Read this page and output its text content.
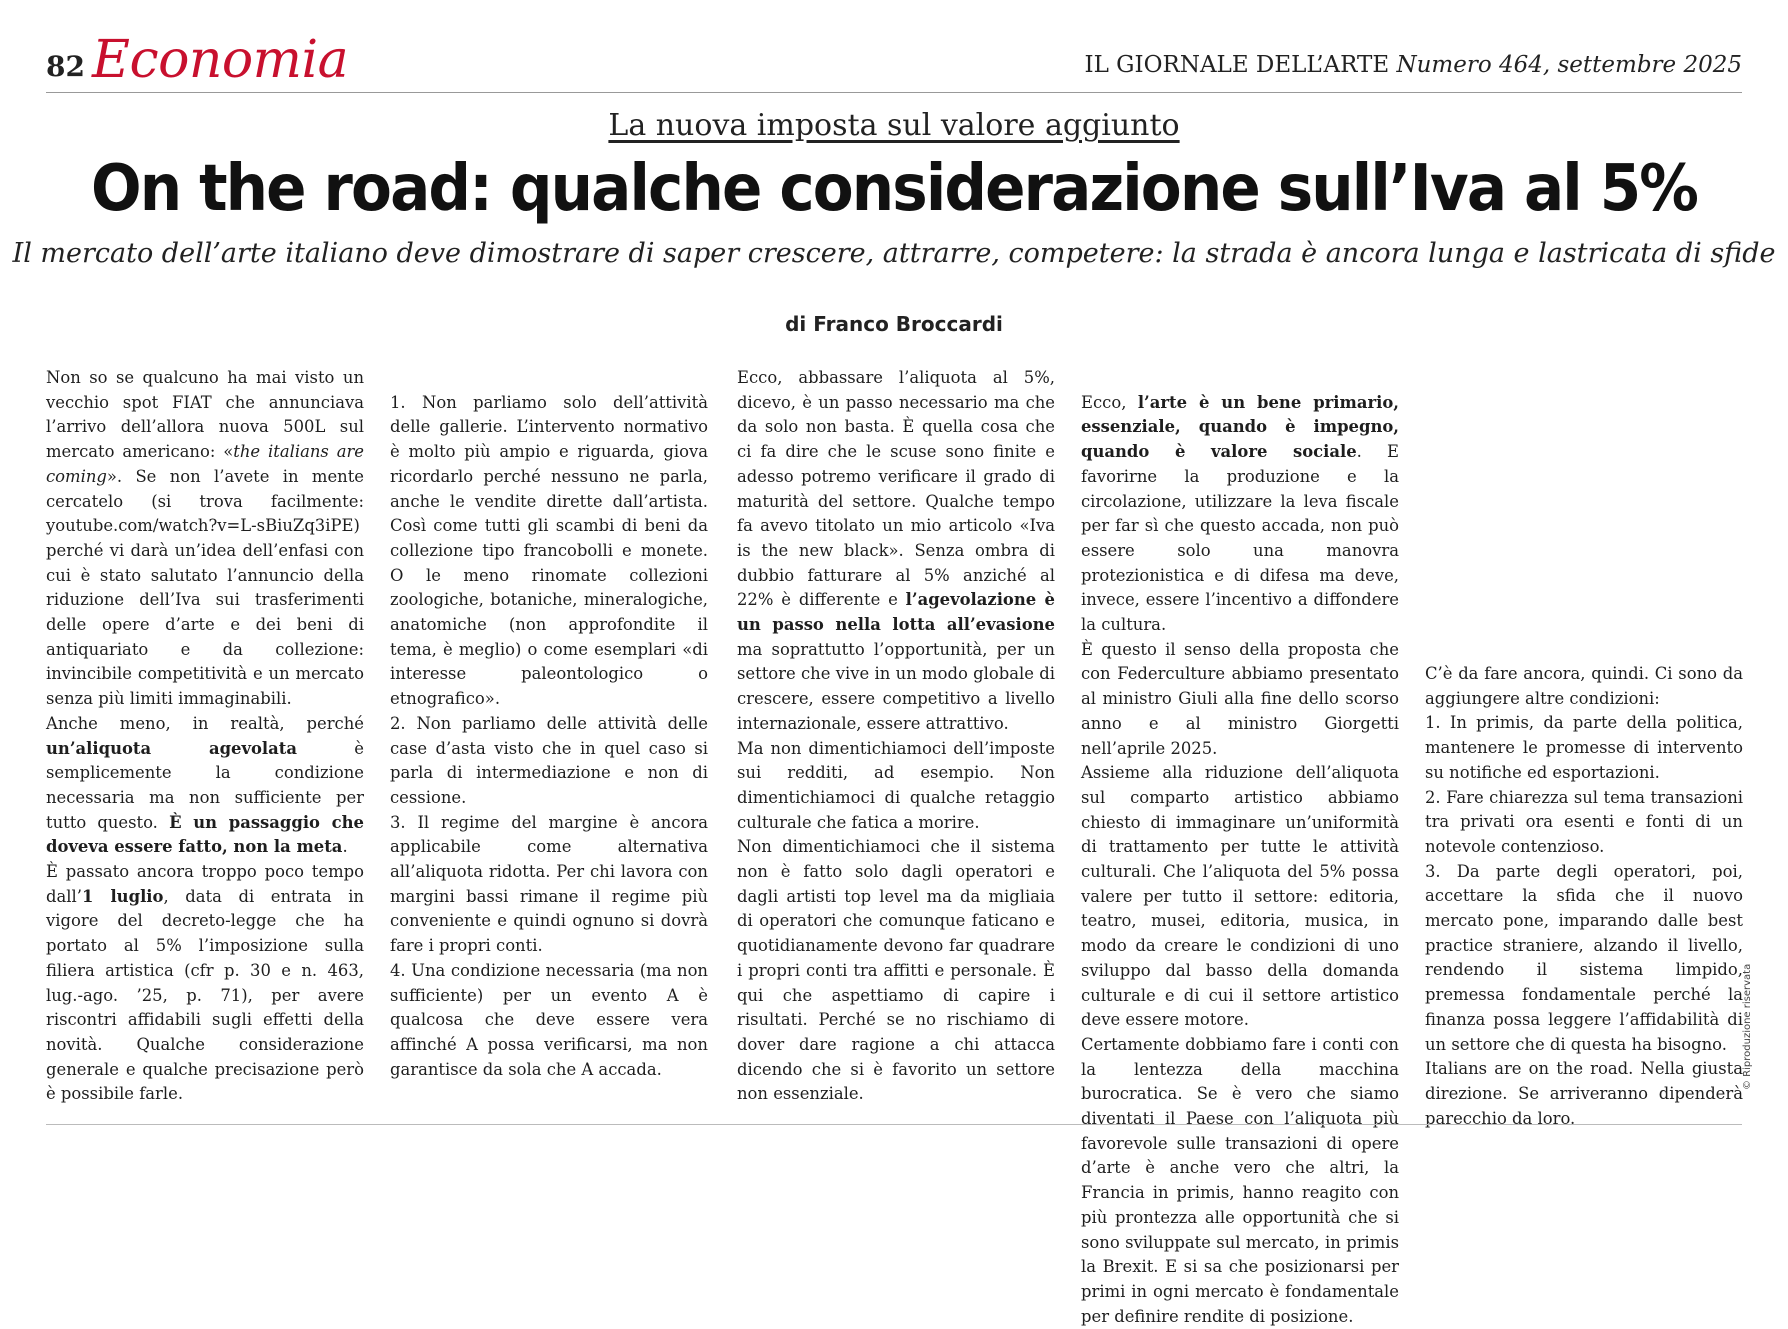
82 Economia	IL GIORNALE DELL’ARTE Numero 464, settembre 2025
La nuova imposta sul valore aggiunto
On the road: qualche considerazione sull’Iva al 5%
Il mercato dell’arte italiano deve dimostrare di saper crescere, attrarre, competere: la strada è ancora lunga e lastricata di sfide
di Franco Broccardi

Non so se qualcuno ha mai visto un vecchio spot FIAT che annunciava l’arrivo dell’allora nuova 500L sul mercato americano: «the italians are coming». Se non l’avete in mente cercatelo (si trova facilmente: youtube.com/watch?v=L-sBiuZq3iPE) perché vi darà un’idea dell’enfasi con cui è stato salutato l’annuncio della riduzione dell’Iva sui trasferimenti delle opere d’arte e dei beni di antiquariato e da collezione: invincibile competitività e un mercato senza più limiti immaginabili.

Anche meno, in realtà, perché un’aliquota agevolata è semplicemente la condizione necessaria ma non sufficiente per tutto questo. È un passaggio che doveva essere fatto, non la meta.

È passato ancora troppo poco tempo dall’1 luglio, data di entrata in vigore del decreto-legge che ha portato al 5% l’imposizione sulla filiera artistica (cfr p. 30 e n. 463, lug.-ago. ’25, p. 71), per avere riscontri affidabili sugli effetti della novità. Qualche considerazione generale e qualche precisazione però è possibile farle.

1. Non parliamo solo dell’attività delle gallerie. L’intervento normativo è molto più ampio e riguarda, giova ricordarlo perché nessuno ne parla, anche le vendite dirette dall’artista. Così come tutti gli scambi di beni da collezione tipo francobolli e monete. O le meno rinomate collezioni zoologiche, botaniche, mineralogiche, anatomiche (non approfondite il tema, è meglio) o come esemplari «di interesse paleontologico o etnografico».

2. Non parliamo delle attività delle case d’asta visto che in quel caso si parla di intermediazione e non di cessione.

3. Il regime del margine è ancora applicabile come alternativa all’aliquota ridotta. Per chi lavora con margini bassi rimane il regime più conveniente e quindi ognuno si dovrà fare i propri conti.

4. Una condizione necessaria (ma non sufficiente) per un evento A è qualcosa che deve essere vera affinché A possa verificarsi, ma non garantisce da sola che A accada.

Ecco, abbassare l’aliquota al 5%, dicevo, è un passo necessario ma che da solo non basta. È quella cosa che ci fa dire che le scuse sono finite e adesso potremo verificare il grado di maturità del settore. Qualche tempo fa avevo titolato un mio articolo «Iva is the new black». Senza ombra di dubbio fatturare al 5% anziché al 22% è differente e l’agevolazione è un passo nella lotta all’evasione ma soprattutto l’opportunità, per un settore che vive in un modo globale di crescere, essere competitivo a livello internazionale, essere attrattivo.

Ma non dimentichiamoci dell’imposte sui redditi, ad esempio. Non dimentichiamoci di qualche retaggio culturale che fatica a morire.

Non dimentichiamoci che il sistema non è fatto solo dagli operatori e dagli artisti top level ma da migliaia di operatori che comunque faticano e quotidianamente devono far quadrare i propri conti tra affitti e personale. È qui che aspettiamo di capire i risultati. Perché se no rischiamo di dover dare ragione a chi attacca dicendo che si è favorito un settore non essenziale.

Ecco, l’arte è un bene primario, essenziale, quando è impegno, quando è valore sociale. E favorirne la produzione e la circolazione, utilizzare la leva fiscale per far sì che questo accada, non può essere solo una manovra protezionistica e di difesa ma deve, invece, essere l’incentivo a diffondere la cultura.

È questo il senso della proposta che con Federculture abbiamo presentato al ministro Giuli alla fine dello scorso anno e al ministro Giorgetti nell’aprile 2025.

Assieme alla riduzione dell’aliquota sul comparto artistico abbiamo chiesto di immaginare un’uniformità di trattamento per tutte le attività culturali. Che l’aliquota del 5% possa valere per tutto il settore: editoria, teatro, musei, editoria, musica, in modo da creare le condizioni di uno sviluppo dal basso della domanda culturale e di cui il settore artistico deve essere motore.

Certamente dobbiamo fare i conti con la lentezza della macchina burocratica. Se è vero che siamo diventati il Paese con l’aliquota più favorevole sulle transazioni di opere d’arte è anche vero che altri, la Francia in primis, hanno reagito con più prontezza alle opportunità che si sono sviluppate sul mercato, in primis la Brexit. E si sa che posizionarsi per primi in ogni mercato è fondamentale per definire rendite di posizione.

C’è da fare ancora, quindi. Ci sono da aggiungere altre condizioni:

1. In primis, da parte della politica, mantenere le promesse di intervento su notifiche ed esportazioni.

2. Fare chiarezza sul tema transazioni tra privati ora esenti e fonti di un notevole contenzioso.

3. Da parte degli operatori, poi, accettare la sfida che il nuovo mercato pone, imparando dalle best practice straniere, alzando il livello, rendendo il sistema limpido, premessa fondamentale perché la finanza possa leggere l’affidabilità di un settore che di questa ha bisogno.

Italians are on the road. Nella giusta direzione. Se arriveranno dipenderà parecchio da loro.

© Riproduzione riservata
